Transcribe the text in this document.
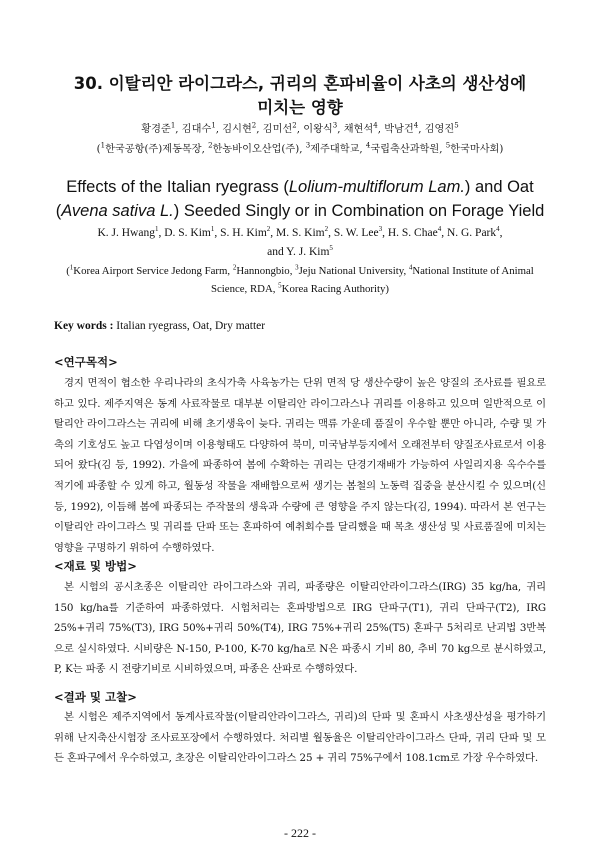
30. 이탈리안 라이그라스, 귀리의 혼파비율이 사초의 생산성에
미치는 영향
황경준$^1$, 김대수$^1$, 김시현$^2$, 김미선$^2$, 이왕식$^3$, 채현석$^4$, 박남건$^4$, 김영진$^5$
($^1$한국공항(주)제동목장, $^2$한농바이오산업(주), $^3$제주대학교, $^4$국립축산과학원, $^5$한국마사회)
Effects of the Italian ryegrass (Lolium-multiflorum Lam.) and Oat
(Avena sativa L.) Seeded Singly or in Combination on Forage Yield
K. J. Hwang$^1$, D. S. Kim$^1$, S. H. Kim$^2$, M. S. Kim$^2$, S. W. Lee$^3$, H. S. Chae$^4$, N. G. Park$^4$,
and Y. J. Kim$^5$
($^1$Korea Airport Service Jedong Farm, $^2$Hannongbio, $^3$Jeju National University, $^4$National Institute of Animal
Science, RDA, $^5$Korea Racing Authority)
Key words : Italian ryegrass, Oat, Dry matter
<연구목적>
경지 면적이 협소한 우리나라의 초식가축 사육농가는 단위 면적 당 생산수량이 높은 양질의 조사료를 필요로 하고 있다. 제주지역은 동계 사료작물로 대부분 이탈리안 라이그라스나 귀리를 이용하고 있으며 일반적으로 이탈리안 라이그라스는 귀리에 비해 초기생육이 늦다. 귀리는 맥류 가운데 품질이 우수할 뿐만 아니라, 수량 및 가축의 기호성도 높고 다엽성이며 이용형태도 다양하여 북미, 미국남부등지에서 오래전부터 양질조사료로서 이용되어 왔다(김 등, 1992). 가을에 파종하여 봄에 수확하는 귀리는 단경기재배가 가능하여 사일리지용 옥수수를 적기에 파종할 수 있게 하고, 월동성 작물을 재배함으로써 생기는 봄철의 노동력 집중을 분산시킬 수 있으며(신 등, 1992), 이듬해 봄에 파종되는 주작물의 생육과 수량에 큰 영향을 주지 않는다(김, 1994). 따라서 본 연구는 이탈리안 라이그라스 및 귀리를 단파 또는 혼파하여 예취회수를 달리했을 때 목초 생산성 및 사료품질에 미치는 영향을 구명하기 위하여 수행하였다.
<재료 및 방법>
본 시험의 공시초종은 이탈리안 라이그라스와 귀리, 파종량은 이탈리안라이그라스(IRG) 35 kg/ha, 귀리 150 kg/ha를 기준하여 파종하였다. 시험처리는 혼파방법으로 IRG 단파구(T1), 귀리 단파구(T2), IRG 25%+귀리 75%(T3), IRG 50%+귀리 50%(T4), IRG 75%+귀리 25%(T5) 혼파구 5처리로 난괴법 3반복으로 실시하였다. 시비량은 N-150, P-100, K-70 kg/ha로 N은 파종시 기비 80, 추비 70 kg으로 분시하였고, P, K는 파종 시 전량기비로 시비하였으며, 파종은 산파로 수행하였다.
<결과 및 고찰>
본 시험은 제주지역에서 동계사료작물(이탈리안라이그라스, 귀리)의 단파 및 혼파시 사초생산성을 평가하기 위해 난지축산시험장 조사료포장에서 수행하였다. 처리별 월동율은 이탈리안라이그라스 단파, 귀리 단파 및 모든 혼파구에서 우수하였고, 초장은 이탈리안라이그라스 25 + 귀리 75%구에서 108.1cm로 가장 우수하였다.
- 222 -
